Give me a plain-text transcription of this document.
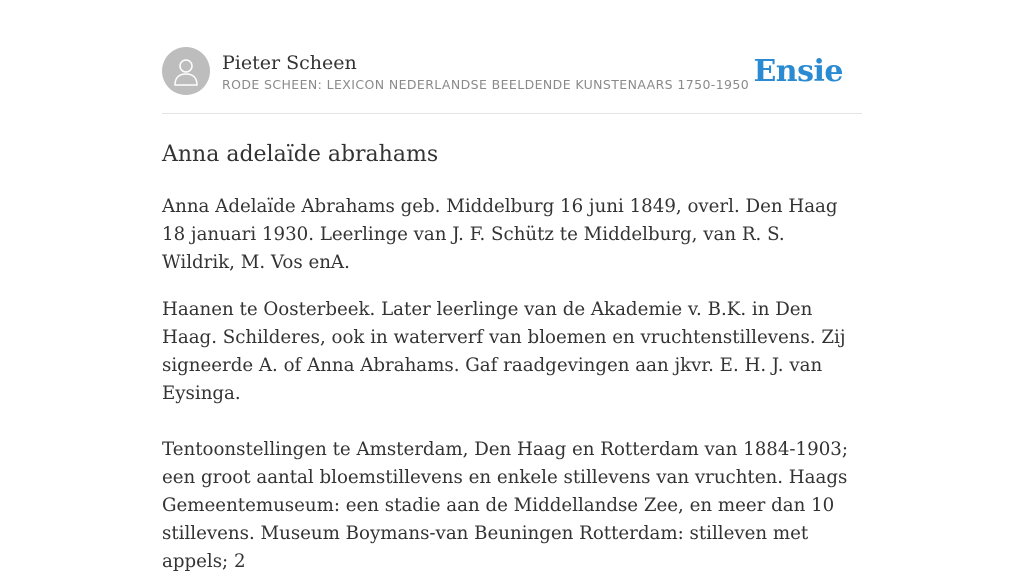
Pieter Scheen
RODE SCHEEN: LEXICON NEDERLANDSE BEELDENDE KUNSTENAARS 1750-1950 Ensie
Anna adelaïde abrahams

Anna Adelaïde Abrahams geb. Middelburg 16 juni 1849, overl. Den Haag 18 januari 1930. Leerlinge van J. F. Schütz te Middelburg, van R. S. Wildrik, M. Vos enA.

Haanen te Oosterbeek. Later leerlinge van de Akademie v. B.K. in Den Haag. Schilderes, ook in waterverf van bloemen en vruchtenstillevens. Zij signeerde A. of Anna Abrahams. Gaf raadgevingen aan jkvr. E. H. J. van Eysinga.

Tentoonstellingen te Amsterdam, Den Haag en Rotterdam van 1884-1903; een groot aantal bloemstillevens en enkele stillevens van vruchten. Haags Gemeentemuseum: een stadie aan de Middellandse Zee, en meer dan 10 stillevens. Museum Boymans-van Beuningen Rotterdam: stilleven met appels; 2
